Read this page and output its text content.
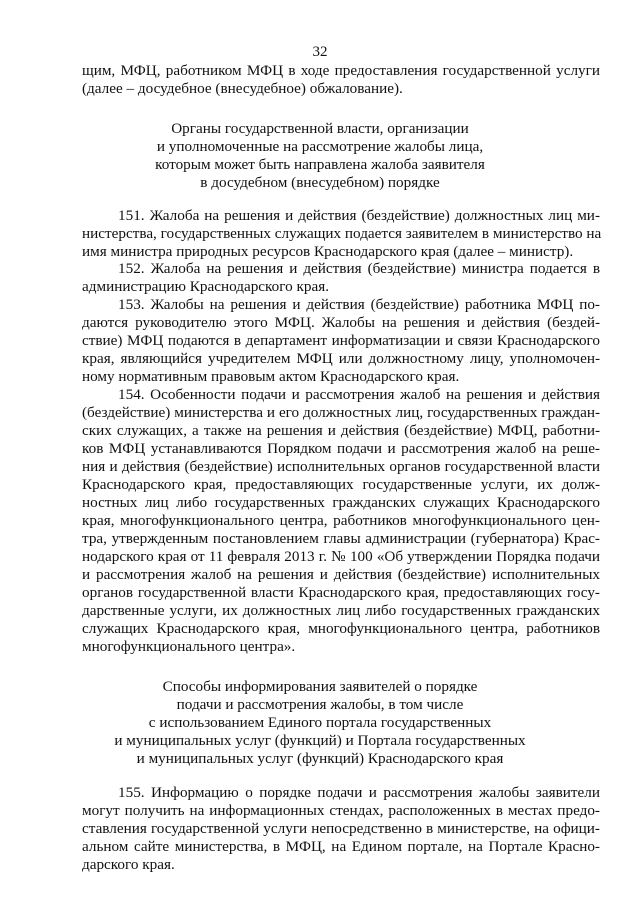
32
щим, МФЦ, работником МФЦ в ходе предоставления государственной услуги
(далее – досудебное (внесудебное) обжалование).
Органы государственной власти, организации
и уполномоченные на рассмотрение жалобы лица,
которым может быть направлена жалоба заявителя
в досудебном (внесудебном) порядке
151. Жалоба на решения и действия (бездействие) должностных лиц ми-
нистерства, государственных служащих подается заявителем в министерство на
имя министра природных ресурсов Краснодарского края (далее – министр).
152. Жалоба на решения и действия (бездействие) министра подается в
администрацию Краснодарского края.
153. Жалобы на решения и действия (бездействие) работника МФЦ по-
даются руководителю этого МФЦ. Жалобы на решения и действия (бездей-
ствие) МФЦ подаются в департамент информатизации и связи Краснодарского
края, являющийся учредителем МФЦ или должностному лицу, уполномочен-
ному нормативным правовым актом Краснодарского края.
154. Особенности подачи и рассмотрения жалоб на решения и действия
(бездействие) министерства и его должностных лиц, государственных граждан-
ских служащих, а также на решения и действия (бездействие) МФЦ, работни-
ков МФЦ устанавливаются Порядком подачи и рассмотрения жалоб на реше-
ния и действия (бездействие) исполнительных органов государственной власти
Краснодарского края, предоставляющих государственные услуги, их долж-
ностных лиц либо государственных гражданских служащих Краснодарского
края, многофункционального центра, работников многофункционального цен-
тра, утвержденным постановлением главы администрации (губернатора) Крас-
нодарского края от 11 февраля 2013 г. № 100 «Об утверждении Порядка подачи
и рассмотрения жалоб на решения и действия (бездействие) исполнительных
органов государственной власти Краснодарского края, предоставляющих госу-
дарственные услуги, их должностных лиц либо государственных гражданских
служащих Краснодарского края, многофункционального центра, работников
многофункционального центра».
Способы информирования заявителей о порядке
подачи и рассмотрения жалобы, в том числе
с использованием Единого портала государственных
и муниципальных услуг (функций) и Портала государственных
и муниципальных услуг (функций) Краснодарского края
155. Информацию о порядке подачи и рассмотрения жалобы заявители
могут получить на информационных стендах, расположенных в местах предо-
ставления государственной услуги непосредственно в министерстве, на офици-
альном сайте министерства, в МФЦ, на Едином портале, на Портале Красно-
дарского края.
